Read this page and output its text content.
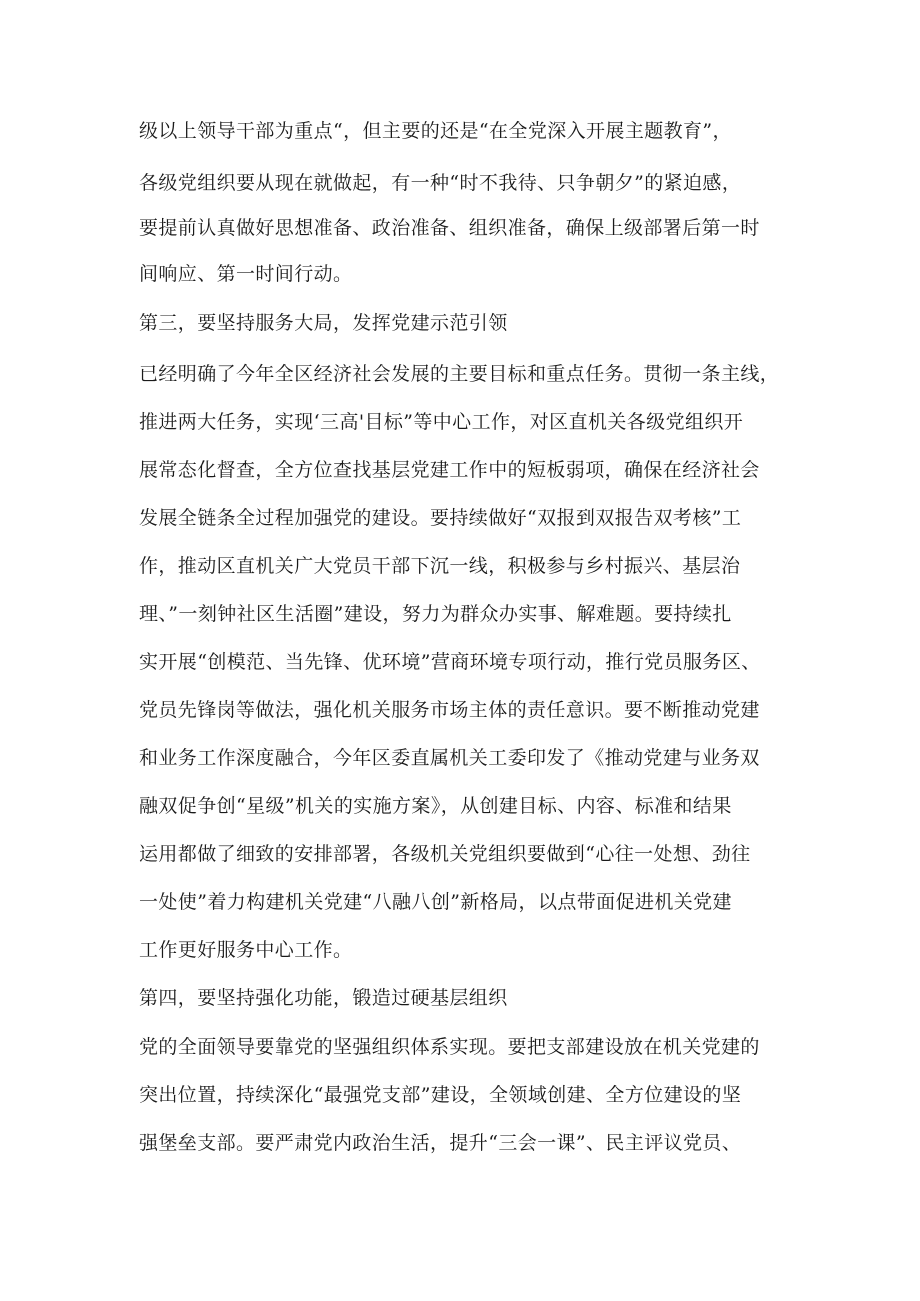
级以上领导干部为重点“，但主要的还是“在全党深入开展主题教育”，
各级党组织要从现在就做起，有一种“时不我待、只争朝夕”的紧迫感，
要提前认真做好思想准备、政治准备、组织准备，确保上级部署后第一时
间响应、第一时间行动。
第三，要坚持服务大局，发挥党建示范引领
已经明确了今年全区经济社会发展的主要目标和重点任务。贯彻一条主线，
推进两大任务，实现‘三高'目标”等中心工作，对区直机关各级党组织开
展常态化督查，全方位查找基层党建工作中的短板弱项，确保在经济社会
发展全链条全过程加强党的建设。要持续做好“双报到双报告双考核”工
作，推动区直机关广大党员干部下沉一线，积极参与乡村振兴、基层治
理、”一刻钟社区生活圈”建设，努力为群众办实事、解难题。要持续扎
实开展“创模范、当先锋、优环境”营商环境专项行动，推行党员服务区、
党员先锋岗等做法，强化机关服务市场主体的责任意识。要不断推动党建
和业务工作深度融合，今年区委直属机关工委印发了《推动党建与业务双
融双促争创“星级”机关的实施方案》，从创建目标、内容、标准和结果
运用都做了细致的安排部署，各级机关党组织要做到“心往一处想、劲往
一处使”着力构建机关党建“八融八创”新格局，以点带面促进机关党建
工作更好服务中心工作。
第四，要坚持强化功能，锻造过硬基层组织
党的全面领导要靠党的坚强组织体系实现。要把支部建设放在机关党建的
突出位置，持续深化“最强党支部”建设，全领域创建、全方位建设的坚
强堡垒支部。要严肃党内政治生活，提升“三会一课”、民主评议党员、
